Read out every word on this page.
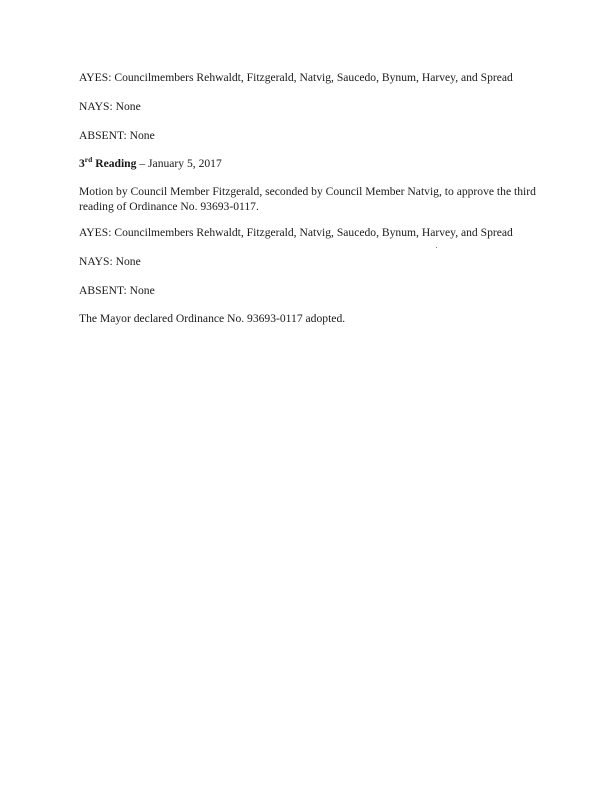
AYES: Councilmembers Rehwaldt, Fitzgerald, Natvig, Saucedo, Bynum, Harvey, and Spread
NAYS: None
ABSENT: None
3rd Reading – January 5, 2017
Motion by Council Member Fitzgerald, seconded by Council Member Natvig, to approve the third
reading of Ordinance No. 93693-0117.
AYES: Councilmembers Rehwaldt, Fitzgerald, Natvig, Saucedo, Bynum, Harvey, and Spread
NAYS: None
ABSENT: None
The Mayor declared Ordinance No. 93693-0117 adopted.
